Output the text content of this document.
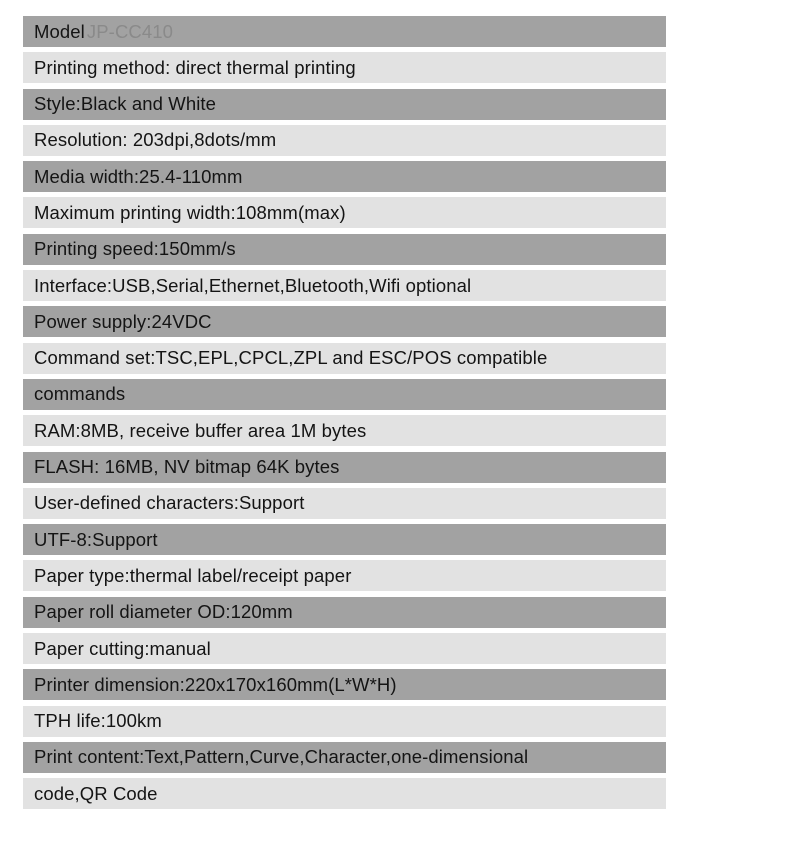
Model JP-CC410
Printing method: direct thermal printing
Style:Black and White
Resolution: 203dpi,8dots/mm
Media width:25.4-110mm
Maximum printing width:108mm(max)
Printing speed:150mm/s
Interface:USB,Serial,Ethernet,Bluetooth,Wifi optional
Power supply:24VDC
Command set:TSC,EPL,CPCL,ZPL and ESC/POS compatible
commands
RAM:8MB, receive buffer area 1M bytes
FLASH: 16MB, NV bitmap 64K bytes
User-defined characters:Support
UTF-8:Support
Paper type:thermal label/receipt paper
Paper roll diameter OD:120mm
Paper cutting:manual
Printer dimension:220x170x160mm(L*W*H)
TPH life:100km
Print content:Text,Pattern,Curve,Character,one-dimensional
code,QR Code
